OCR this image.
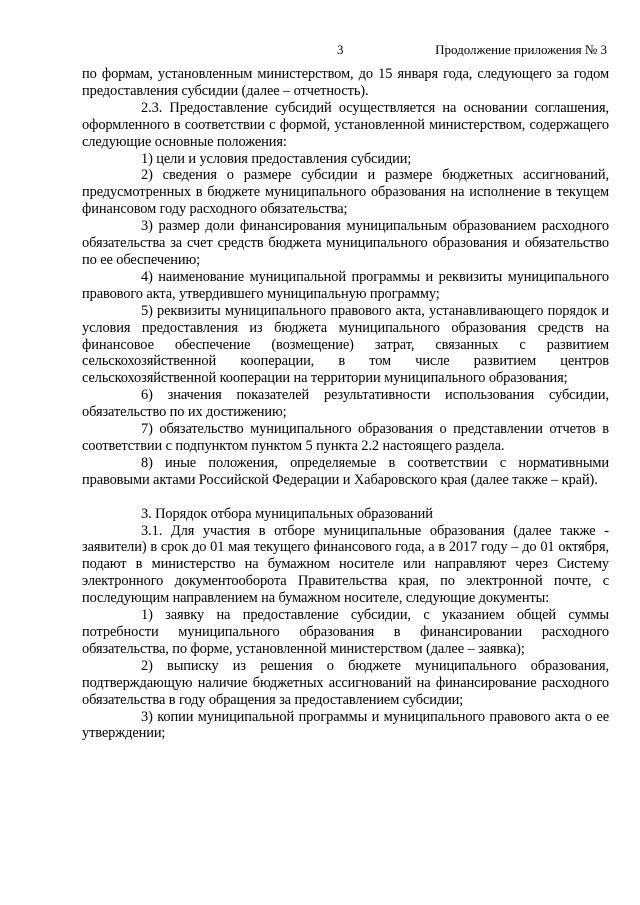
3	Продолжение приложения № 3

по формам, установленным министерством, до 15 января года, следующего за годом предоставления субсидии (далее – отчетность).

2.3. Предоставление субсидий осуществляется на основании соглашения, оформленного в соответствии с формой, установленной министерством, содержащего следующие основные положения:

1) цели и условия предоставления субсидии;

2) сведения о размере субсидии и размере бюджетных ассигнований, предусмотренных в бюджете муниципального образования на исполнение в текущем финансовом году расходного обязательства;

3) размер доли финансирования муниципальным образованием расходного обязательства за счет средств бюджета муниципального образования и обязательство по ее обеспечению;

4) наименование муниципальной программы и реквизиты муниципального правового акта, утвердившего муниципальную программу;

5) реквизиты муниципального правового акта, устанавливающего порядок и условия предоставления из бюджета муниципального образования средств на финансовое обеспечение (возмещение) затрат, связанных с развитием сельскохозяйственной кооперации, в том числе развитием центров сельскохозяйственной кооперации на территории муниципального образования;

6) значения показателей результативности использования субсидии, обязательство по их достижению;

7) обязательство муниципального образования о представлении отчетов в соответствии с подпунктом пунктом 5 пункта 2.2 настоящего раздела.

8) иные положения, определяемые в соответствии с нормативными правовыми актами Российской Федерации и Хабаровского края (далее также – край).

3. Порядок отбора муниципальных образований

3.1. Для участия в отборе муниципальные образования (далее также - заявители) в срок до 01 мая текущего финансового года, а в 2017 году – до 01 октября, подают в министерство на бумажном носителе или направляют через Систему электронного документооборота Правительства края, по электронной почте, с последующим направлением на бумажном носителе, следующие документы:

1) заявку на предоставление субсидии, с указанием общей суммы потребности муниципального образования в финансировании расходного обязательства, по форме, установленной министерством (далее – заявка);

2) выписку из решения о бюджете муниципального образования, подтверждающую наличие бюджетных ассигнований на финансирование расходного обязательства в году обращения за предоставлением субсидии;

3) копии муниципальной программы и муниципального правового акта о ее утверждении;
